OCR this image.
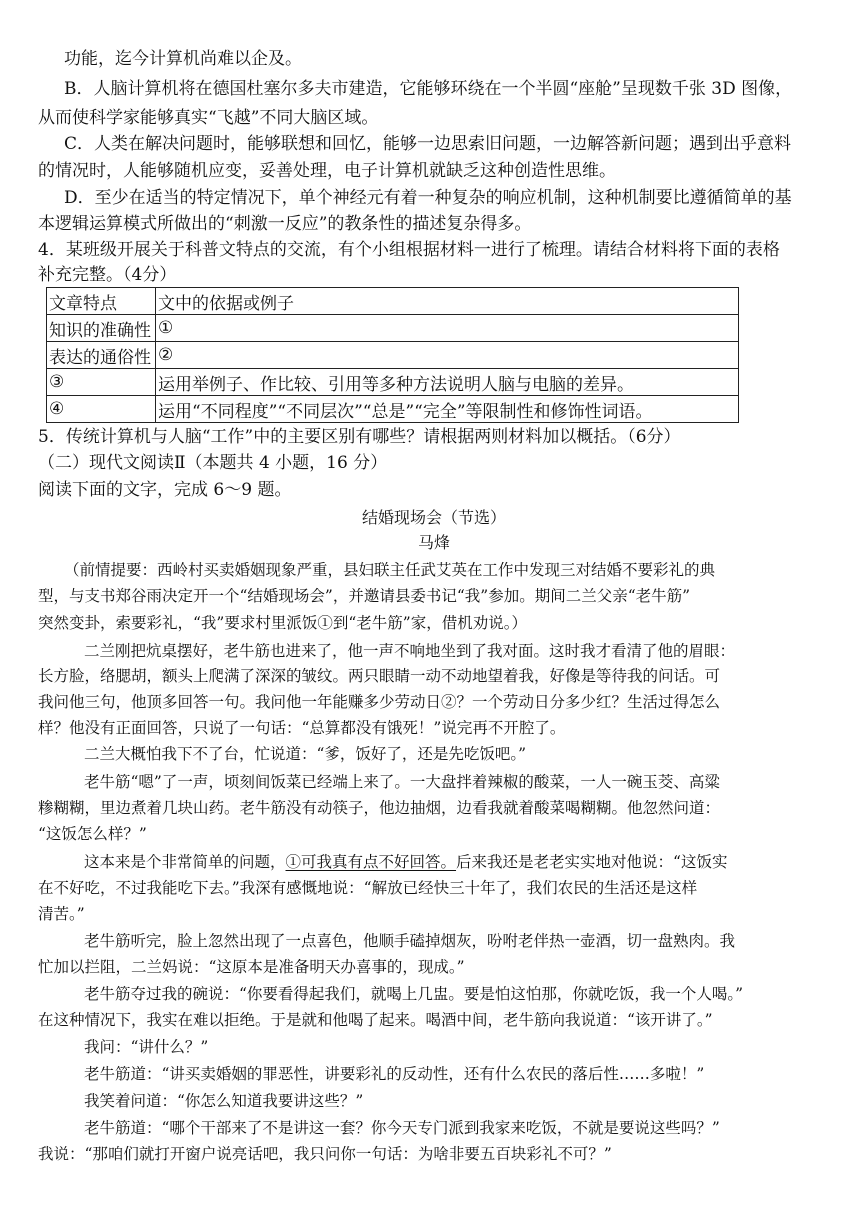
功能，迄今计算机尚难以企及。
B．人脑计算机将在德国杜塞尔多夫市建造，它能够环绕在一个半圆“座舱”呈现数千张 3D 图像，
从而使科学家能够真实“飞越”不同大脑区域。
C．人类在解决问题时，能够联想和回忆，能够一边思索旧问题，一边解答新问题；遇到出乎意料
的情况时，人能够随机应变，妥善处理，电子计算机就缺乏这种创造性思维。
D．至少在适当的特定情况下，单个神经元有着一种复杂的响应机制，这种机制要比遵循简单的基
本逻辑运算模式所做出的“刺激一反应”的教条性的描述复杂得多。
4．某班级开展关于科普文特点的交流，有个小组根据材料一进行了梳理。请结合材料将下面的表格
补充完整。（4分）
文章特点	文中的依据或例子
知识的准确性	①
表达的通俗性	②
③	运用举例子、作比较、引用等多种方法说明人脑与电脑的差异。
④	运用“不同程度”“不同层次”“总是”“完全”等限制性和修饰性词语。
5．传统计算机与人脑“工作”中的主要区别有哪些？请根据两则材料加以概括。（6分）
（二）现代文阅读Ⅱ（本题共 4 小题，16 分）
阅读下面的文字，完成 6～9 题。
结婚现场会（节选）
马烽
（前情提要：西岭村买卖婚姻现象严重，县妇联主任武艾英在工作中发现三对结婚不要彩礼的典
型，与支书郑谷雨决定开一个“结婚现场会”，并邀请县委书记“我”参加。期间二兰父亲“老牛筋”
突然变卦，索要彩礼，“我”要求村里派饭①到“老牛筋”家，借机劝说。）
二兰刚把炕桌摆好，老牛筋也进来了，他一声不响地坐到了我对面。这时我才看清了他的眉眼：
长方脸，络腮胡，额头上爬满了深深的皱纹。两只眼睛一动不动地望着我，好像是等待我的问话。可
我问他三句，他顶多回答一句。我问他一年能赚多少劳动日②？一个劳动日分多少红？生活过得怎么
样？他没有正面回答，只说了一句话：“总算都没有饿死！”说完再不开腔了。
二兰大概怕我下不了台，忙说道：“爹，饭好了，还是先吃饭吧。”
老牛筋“嗯”了一声，顷刻间饭菜已经端上来了。一大盘拌着辣椒的酸菜，一人一碗玉茭、高粱
糁糊糊，里边煮着几块山药。老牛筋没有动筷子，他边抽烟，边看我就着酸菜喝糊糊。他忽然问道：
“这饭怎么样？”
这本来是个非常简单的问题，①可我真有点不好回答。后来我还是老老实实地对他说：“这饭实
在不好吃，不过我能吃下去。”我深有感慨地说：“解放已经快三十年了，我们农民的生活还是这样
清苦。”
老牛筋听完，脸上忽然出现了一点喜色，他顺手磕掉烟灰，吩咐老伴热一壶酒，切一盘熟肉。我
忙加以拦阻，二兰妈说：“这原本是准备明天办喜事的，现成。”
老牛筋夺过我的碗说：“你要看得起我们，就喝上几盅。要是怕这怕那，你就吃饭，我一个人喝。”
在这种情况下，我实在难以拒绝。于是就和他喝了起来。喝酒中间，老牛筋向我说道：“该开讲了。”
我问：“讲什么？”
老牛筋道：“讲买卖婚姻的罪恶性，讲要彩礼的反动性，还有什么农民的落后性……多啦！”
我笑着问道：“你怎么知道我要讲这些？”
老牛筋道：“哪个干部来了不是讲这一套？你今天专门派到我家来吃饭，不就是要说这些吗？”
我说：“那咱们就打开窗户说亮话吧，我只问你一句话：为啥非要五百块彩礼不可？”
